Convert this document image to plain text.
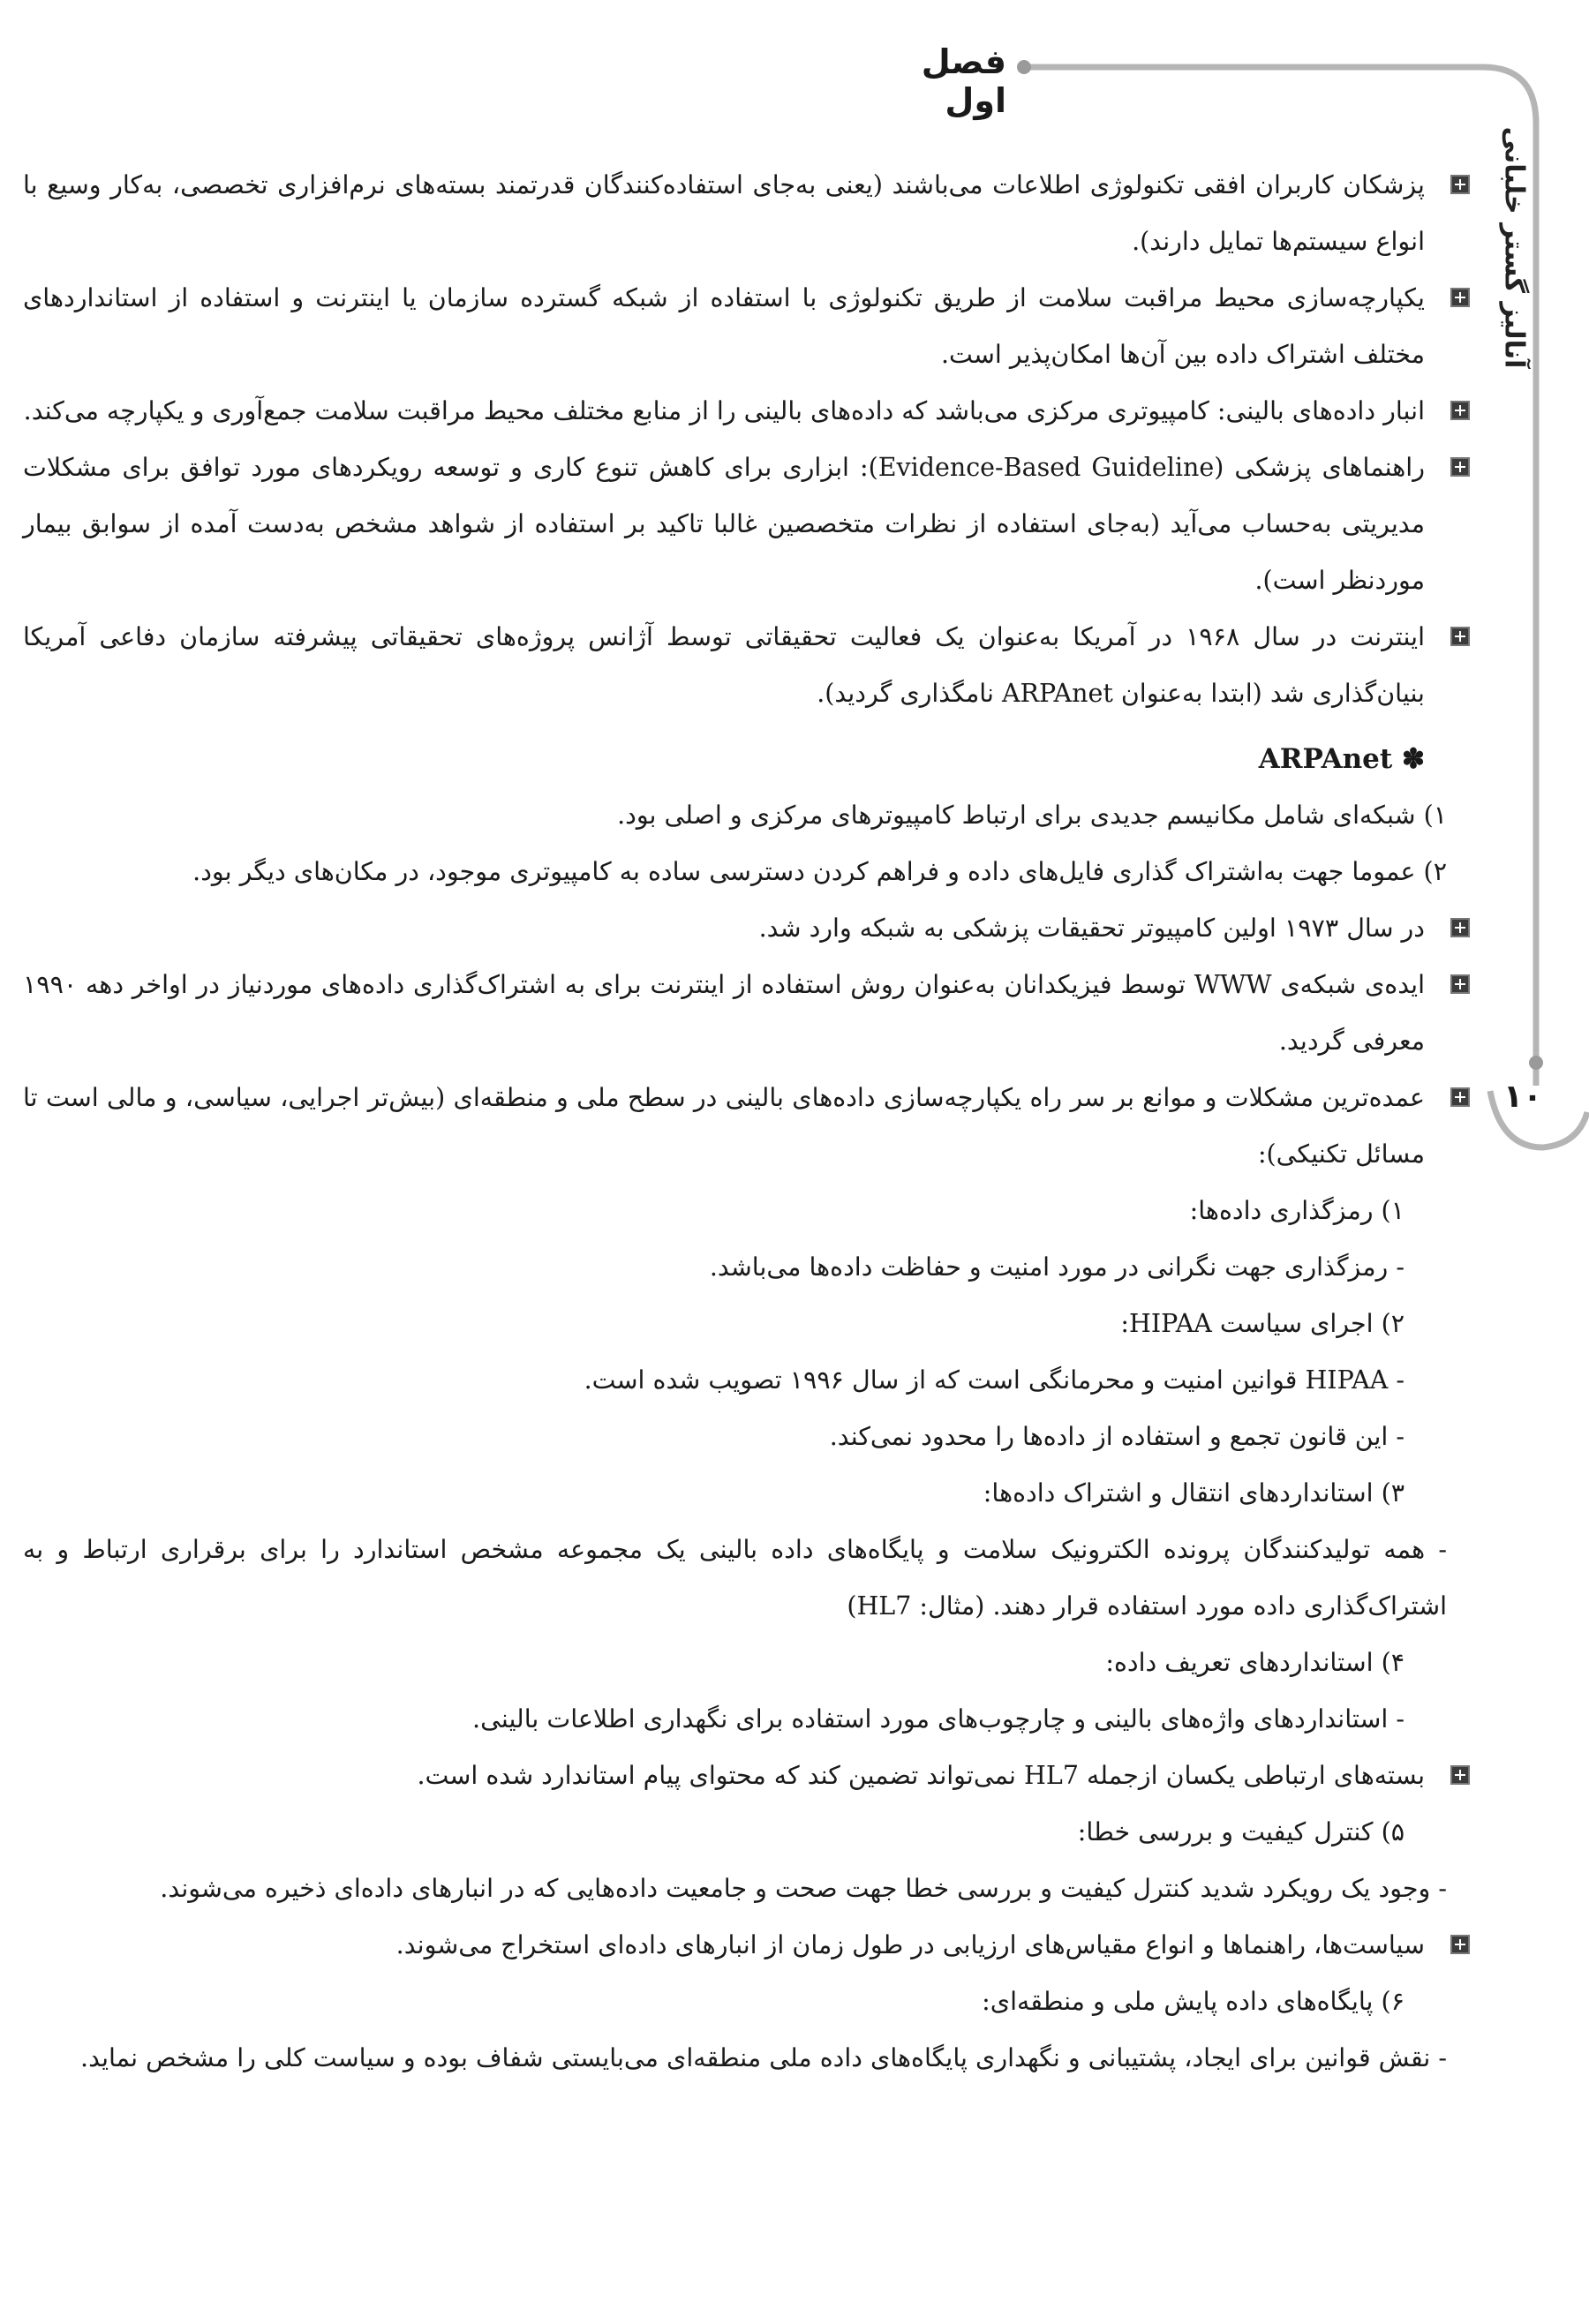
فصل اول
آنالیز گستر خلبانی
۱۰

پزشکان کاربران افقی تکنولوژی اطلاعات می‌باشند (یعنی به‌جای استفاده‌کنندگان قدرتمند بسته‌های نرم‌افزاری تخصصی، به‌کار وسیع با انواع سیستم‌ها تمایل دارند).

یکپارچه‌سازی محیط مراقبت سلامت از طریق تکنولوژی با استفاده از شبکه گسترده سازمان یا اینترنت و استفاده از استانداردهای مختلف اشتراک داده بین آن‌ها امکان‌پذیر است.

انبار داده‌های بالینی: کامپیوتری مرکزی می‌باشد که داده‌های بالینی را از منابع مختلف محیط مراقبت سلامت جمع‌آوری و یکپارچه می‌کند.

راهنماهای پزشکی (Evidence-Based Guideline): ابزاری برای کاهش تنوع کاری و توسعه رویکردهای مورد توافق برای مشکلات مدیریتی به‌حساب می‌آید (به‌جای استفاده از نظرات متخصصین غالبا تاکید بر استفاده از شواهد مشخص به‌دست آمده از سوابق بیمار موردنظر است).

اینترنت در سال ۱۹۶۸ در آمریکا به‌عنوان یک فعالیت تحقیقاتی توسط آژانس پروژه‌های تحقیقاتی پیشرفته سازمان دفاعی آمریکا بنیان‌گذاری شد (ابتدا به‌عنوان ARPAnet نامگذاری گردید).

✽ ARPAnet

۱) شبکه‌ای شامل مکانیسم جدیدی برای ارتباط کامپیوترهای مرکزی و اصلی بود.

۲) عموما جهت به‌اشتراک گذاری فایل‌های داده و فراهم کردن دسترسی ساده به کامپیوتری موجود، در مکان‌های دیگر بود.

در سال ۱۹۷۳ اولین کامپیوتر تحقیقات پزشکی به شبکه وارد شد.

ایده‌ی شبکه‌ی WWW توسط فیزیکدانان به‌عنوان روش استفاده از اینترنت برای به اشتراک‌گذاری داده‌های موردنیاز در اواخر دهه ۱۹۹۰ معرفی گردید.

عمده‌ترین مشکلات و موانع بر سر راه یکپارچه‌سازی داده‌های بالینی در سطح ملی و منطقه‌ای (بیش‌تر اجرایی، سیاسی، و مالی است تا مسائل تکنیکی):

۱) رمزگذاری داده‌ها:

- رمزگذاری جهت نگرانی در مورد امنیت و حفاظت داده‌ها می‌باشد.

۲) اجرای سیاست HIPAA:

- HIPAA قوانین امنیت و محرمانگی است که از سال ۱۹۹۶ تصویب شده است.

- این قانون تجمع و استفاده از داده‌ها را محدود نمی‌کند.

۳) استانداردهای انتقال و اشتراک داده‌ها:

- همه تولیدکنندگان پرونده الکترونیک سلامت و پایگاه‌های داده بالینی یک مجموعه مشخص استاندارد را برای برقراری ارتباط و به اشتراک‌گذاری داده مورد استفاده قرار دهند. (مثال: HL7)

۴) استانداردهای تعریف داده:

- استانداردهای واژه‌های بالینی و چارچوب‌های مورد استفاده برای نگهداری اطلاعات بالینی.

بسته‌های ارتباطی یکسان ازجمله HL7 نمی‌تواند تضمین کند که محتوای پیام استاندارد شده است.

۵) کنترل کیفیت و بررسی خطا:

- وجود یک رویکرد شدید کنترل کیفیت و بررسی خطا جهت صحت و جامعیت داده‌هایی که در انبارهای داده‌ای ذخیره می‌شوند.

سیاست‌ها، راهنماها و انواع مقیاس‌های ارزیابی در طول زمان از انبارهای داده‌ای استخراج می‌شوند.

۶) پایگاه‌های داده پایش ملی و منطقه‌ای:

- نقش قوانین برای ایجاد، پشتیبانی و نگهداری پایگاه‌های داده ملی منطقه‌ای می‌بایستی شفاف بوده و سیاست کلی را مشخص نماید.
